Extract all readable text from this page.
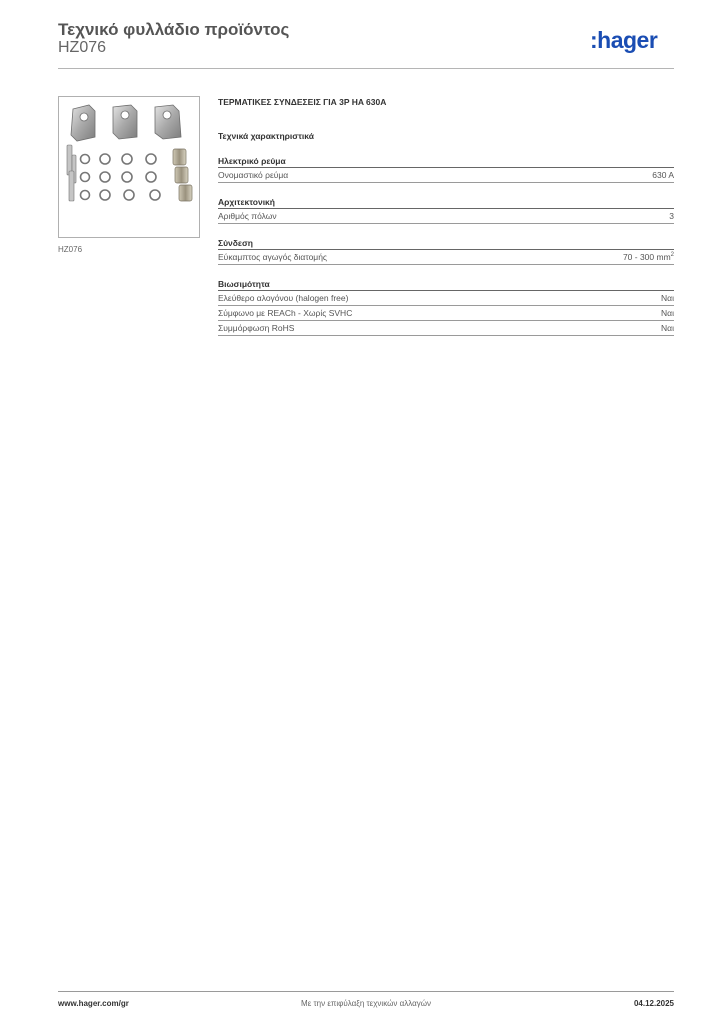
Τεχνικό φυλλάδιο προϊόντος
HZ076	:hager
HZ076
ΤΕΡΜΑΤΙΚΕΣ ΣΥΝΔΕΣΕΙΣ ΓΙΑ 3P HA 630A
Τεχνικά χαρακτηριστικά
Ηλεκτρικό ρεύμα
Ονομαστικό ρεύμα	630 A
Αρχιτεκτονική
Αριθμός πόλων	3
Σύνδεση
Εύκαμπτος αγωγός διατομής	70 - 300 $mm^2$
Βιωσιμότητα
Ελεύθερο αλογόνου (halogen free)	Ναι
Σύμφωνο με REACh - Χωρίς SVHC	Ναι
Συμμόρφωση RoHS	Ναι
www.hager.com/gr	Με την επιφύλαξη τεχνικών αλλαγών	04.12.2025
